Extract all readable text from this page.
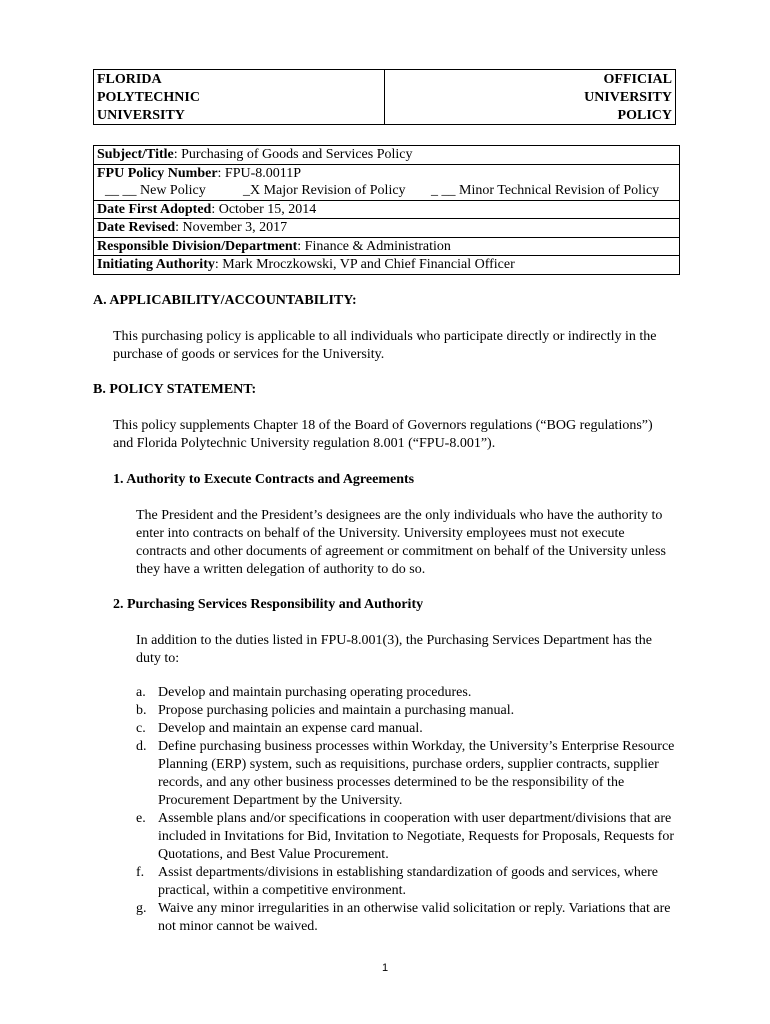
FLORIDA
POLYTECHNIC
UNIVERSITY
OFFICIAL
UNIVERSITY
POLICY
Subject/Title: Purchasing of Goods and Services Policy
FPU Policy Number: FPU-8.0011P
__ __ New Policy	_X Major Revision of Policy _ __ Minor Technical Revision of Policy
Date First Adopted: October 15, 2014
Date Revised: November 3, 2017
Responsible Division/Department: Finance & Administration
Initiating Authority: Mark Mroczkowski, VP and Chief Financial Officer
A. APPLICABILITY/ACCOUNTABILITY:
This purchasing policy is applicable to all individuals who participate directly or indirectly in the purchase of goods or services for the University.
B. POLICY STATEMENT:
This policy supplements Chapter 18 of the Board of Governors regulations (“BOG regulations”) and Florida Polytechnic University regulation 8.001 (“FPU-8.001”).
1. Authority to Execute Contracts and Agreements
The President and the President’s designees are the only individuals who have the authority to enter into contracts on behalf of the University. University employees must not execute contracts and other documents of agreement or commitment on behalf of the University unless they have a written delegation of authority to do so.
2. Purchasing Services Responsibility and Authority
In addition to the duties listed in FPU-8.001(3), the Purchasing Services Department has the duty to:
a. Develop and maintain purchasing operating procedures.
b. Propose purchasing policies and maintain a purchasing manual.
c. Develop and maintain an expense card manual.
d. Define purchasing business processes within Workday, the University’s Enterprise Resource Planning (ERP) system, such as requisitions, purchase orders, supplier contracts, supplier records, and any other business processes determined to be the responsibility of the Procurement Department by the University.
e. Assemble plans and/or specifications in cooperation with user department/divisions that are included in Invitations for Bid, Invitation to Negotiate, Requests for Proposals, Requests for Quotations, and Best Value Procurement.
f. Assist departments/divisions in establishing standardization of goods and services, where practical, within a competitive environment.
g. Waive any minor irregularities in an otherwise valid solicitation or reply. Variations that are not minor cannot be waived.
1
